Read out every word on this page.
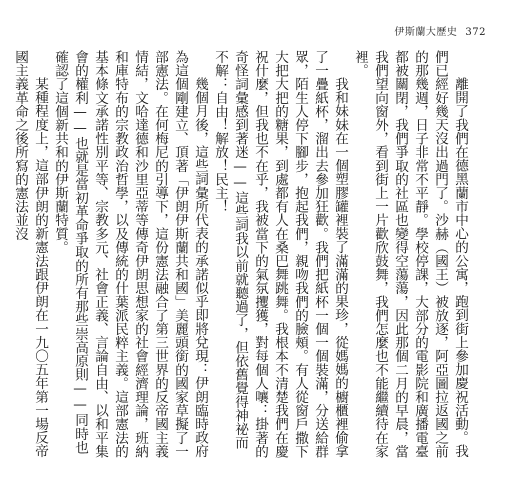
伊斯蘭大歷史 372

離開了我們在德黑蘭市中心的公寓，跑到街上參加慶祝活動。我們已經好幾天沒出過門了。沙赫（國王）被放逐，阿亞圖拉返國之前的那幾週，日子非常不平靜。學校停課，大部分的電影院和廣播電臺都被關閉，我們爭取的社區也變得空蕩蕩，因此那個二月的早晨，當我們望向窗外，看到街上一片歡欣鼓舞，我們怎麼也不能繼續待在家裡。

我和妹妹在一個塑膠罐裡裝了滿滿的果珍，從媽媽的櫥櫃裡偷拿了一疊紙杯，溜出去參加狂歡。我們把紙杯一個一個裝滿，分送給群眾，陌生人停下腳步，抱起我們，親吻我們的臉頰。有人從窗戶撒下大把大把的糖果，到處都有人在桑巴舞跳舞。我根本不清楚我們在慶祝什麼，但我也不在乎，我被當下的氣氛攫獲，對每個人嚷：掛著的奇怪詞彙感到著迷——這些詞我以前就聽過了，但依舊覺得神祕而不解：自由！解放！民主！

幾個月後，這些詞彙所代表的承諾似乎即將兌現：伊朗臨時政府為這個剛建立、頂著「伊朗伊斯蘭共和國」美麗頭銜的國家草擬了一部憲法。在何梅尼的引導下，這份憲法融合了第三世界的反帝國主義情結，文哈達德和沙里亞蒂等傳奇伊朗思想家的社會經濟理論，班納和庫特布的宗教政治哲學，以及傳統的什葉派民粹主義。這部憲法的基本條文承諾性別平等、宗教多元、社會正義、言論自由、以和平集會的權利——也就是當初革命爭取的所有那些崇高原則——同時也確認了這個新共和的伊斯蘭特質。

某種程度上，這部伊朗的新憲法跟伊朗在一九〇五年第一場反帝國主義革命之後所寫的憲法並沒
